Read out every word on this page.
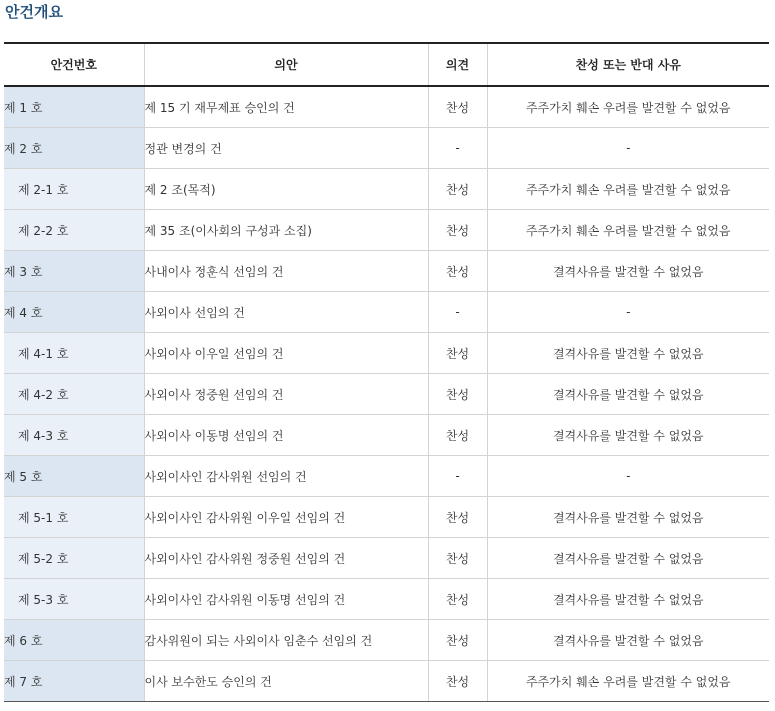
안건개요
안건번호	의안	의견	찬성 또는 반대 사유
제 1 호	제 15 기 재무제표 승인의 건	찬성	주주가치 훼손 우려를 발견할 수 없었음
제 2 호	정관 변경의 건	-	-
제 2-1 호	제 2 조(목적)	찬성	주주가치 훼손 우려를 발견할 수 없었음
제 2-2 호	제 35 조(이사회의 구성과 소집)	찬성	주주가치 훼손 우려를 발견할 수 없었음
제 3 호	사내이사 정훈식 선임의 건	찬성	결격사유를 발견할 수 없었음
제 4 호	사외이사 선임의 건	-	-
제 4-1 호	사외이사 이우일 선임의 건	찬성	결격사유를 발견할 수 없었음
제 4-2 호	사외이사 정중원 선임의 건	찬성	결격사유를 발견할 수 없었음
제 4-3 호	사외이사 이동명 선임의 건	찬성	결격사유를 발견할 수 없었음
제 5 호	사외이사인 감사위원 선임의 건	-	-
제 5-1 호	사외이사인 감사위원 이우일 선임의 건	찬성	결격사유를 발견할 수 없었음
제 5-2 호	사외이사인 감사위원 정중원 선임의 건	찬성	결격사유를 발견할 수 없었음
제 5-3 호	사외이사인 감사위원 이동명 선임의 건	찬성	결격사유를 발견할 수 없었음
제 6 호	감사위원이 되는 사외이사 임춘수 선임의 건	찬성	결격사유를 발견할 수 없었음
제 7 호	이사 보수한도 승인의 건	찬성	주주가치 훼손 우려를 발견할 수 없었음
